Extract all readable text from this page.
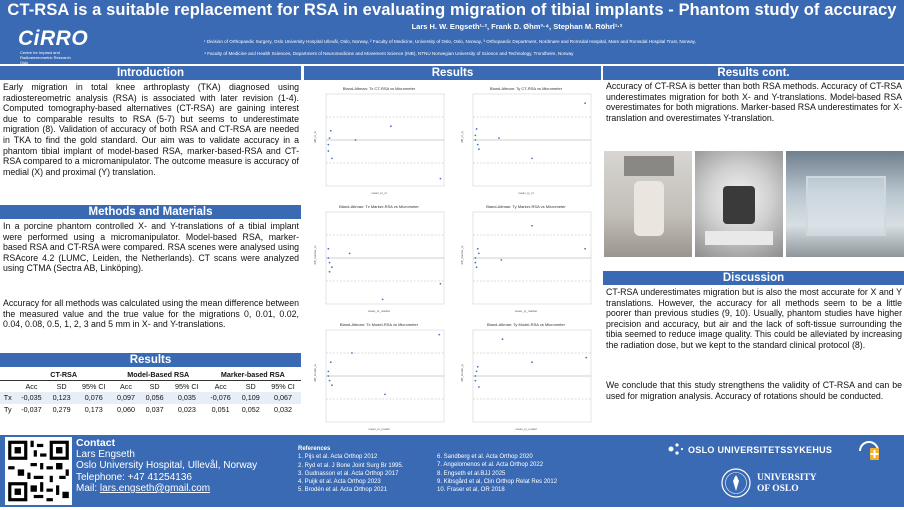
CT-RSA is a suitable replacement for RSA in evaluating migration of tibial implants - Phantom study of accuracy
CiRRO
Centre for Implant and Radiostereometric Research Oslo
Lars H. W. Engseth¹·², Frank D. Øhm³·⁴, Stephan M. Röhrl¹·²
¹ Division of Orthopaedic Surgery, Oslo University Hospital Ullevål, Oslo, Norway, ² Faculty of Medicine, University of Oslo, Oslo, Norway, ³ Orthopaedic Department, Nordmøre and Romsdal Hospital, Møre and Romsdal Hospital Trust, Norway,
⁴ Faculty of Medicine and Health Sciences, Department of Neuromedicine and Movement Science (INB), NTNU Norwegian University of Science and Technology, Trondheim, Norway
Introduction
Early migration in total knee arthroplasty (TKA) diagnosed using radiostereometric analysis (RSA) is associated with later revision (1-4). Computed tomography-based alternatives (CT-RSA) are gaining interest due to comparable results to RSA (5-7) but seems to underestimate migration (8). Validation of accuracy of both RSA and CT-RSA are needed in TKA to find the gold standard. Our aim was to validate accuracy in a phantom tibial implant of model-based RSA, marker-based-RSA and CT-RSA compared to a micromanipulator. The outcome measure is accuracy of medial (X) and proximal (Y) translation.
Methods and Materials
In a porcine phantom controlled X- and Y-translations of a tibial implant were performed using a micromanipulator. Model-based RSA, marker-based RSA and CT-RSA were compared. RSA scenes were analysed using RSAcore 4.2 (LUMC, Leiden, the Netherlands). CT scans were analyzed using CTMA (Sectra AB, Linköping).
Accuracy for all methods was calculated using the mean difference between the measured value and the true value for the migrations 0, 0.01, 0.02, 0.04, 0.08, 0.5, 1, 2, 3 and 5 mm in X- and Y-translations.
Results
	CT-RSA			Model-Based RSA			Marker-based RSA		
	Acc	SD	95% CI	Acc	SD	95% CI	Acc	SD	95% CI
Tx	-0,035	0,123	0,076	0,097	0,056	0,035	-0,076	0,109	0,067
Ty	-0,037	0,279	0,173	0,060	0,037	0,023	0,051	0,052	0,032
Results
Bland-Altman: Tx CT-RSA vs Micrometer
mean_tx_ct
diff_ct_tx
Bland-Altman: Ty CT-RSA vs Micrometer
mean_ty_ct
diff_ct_ty
Bland-Altman: Tx Marker-RSA vs Micrometer
mean_tx_marker
diff_marker_tx
Bland-Altman: Ty Marker-RSA vs Micrometer
mean_ty_marker
diff_marker_ty
Bland-Altman: Tx Model-RSA vs Micrometer
mean_tx_model
diff_model_tx
Bland-Altman: Ty Model-RSA vs Micrometer
mean_ty_model
diff_model_ty
Results cont.
Accuracy of CT-RSA is better than both RSA methods. Accuracy of CT-RSA underestimates migration for both X- and Y-translations. Model-based RSA overestimates for both migrations. Marker-based RSA underestimates for X-translation and overestimates Y-translation.
Discussion
CT-RSA underestimates migration but is also the most accurate for X and Y translations. However, the accuracy for all methods seem to be a little poorer than previous studies (9, 10). Usually, phantom studies have higher precision and accuracy, but air and the lack of soft-tissue surrounding the tibia seemed to reduce image quality. This could be alleviated by increasing the radiation dose, but we kept to the standard clinical protocol (8).
We conclude that this study strengthens the validity of CT-RSA and can be used for migration analysis. Accuracy of rotations should be conducted.
Contact
Lars Engseth
Oslo University Hospital, Ullevål, Norway
Telephone: +47 41254136
Mail: lars.engseth@gmail.com
References
1. Pijs et al. Acta Orthop 2012
2. Ryd et al. J Bone Joint Surg Br 1995.
3. Gudnasson et al. Acta Orthop 2017
4. Puijk et al. Acta Orthop 2023
5. Brodén et al. Acta Orthop 2021
6. Sandberg et al. Acta Orthop 2020
7. Angelomenos et al. Acta Orthop 2022
8. Engseth et al.BJJ 2025
9. Kibsgård et al, Clin Orthop Relat Res 2012
10. Fraser et al, OR 2018
OSLO UNIVERSITETSSYKEHUS
UNIVERSITY
OF OSLO
